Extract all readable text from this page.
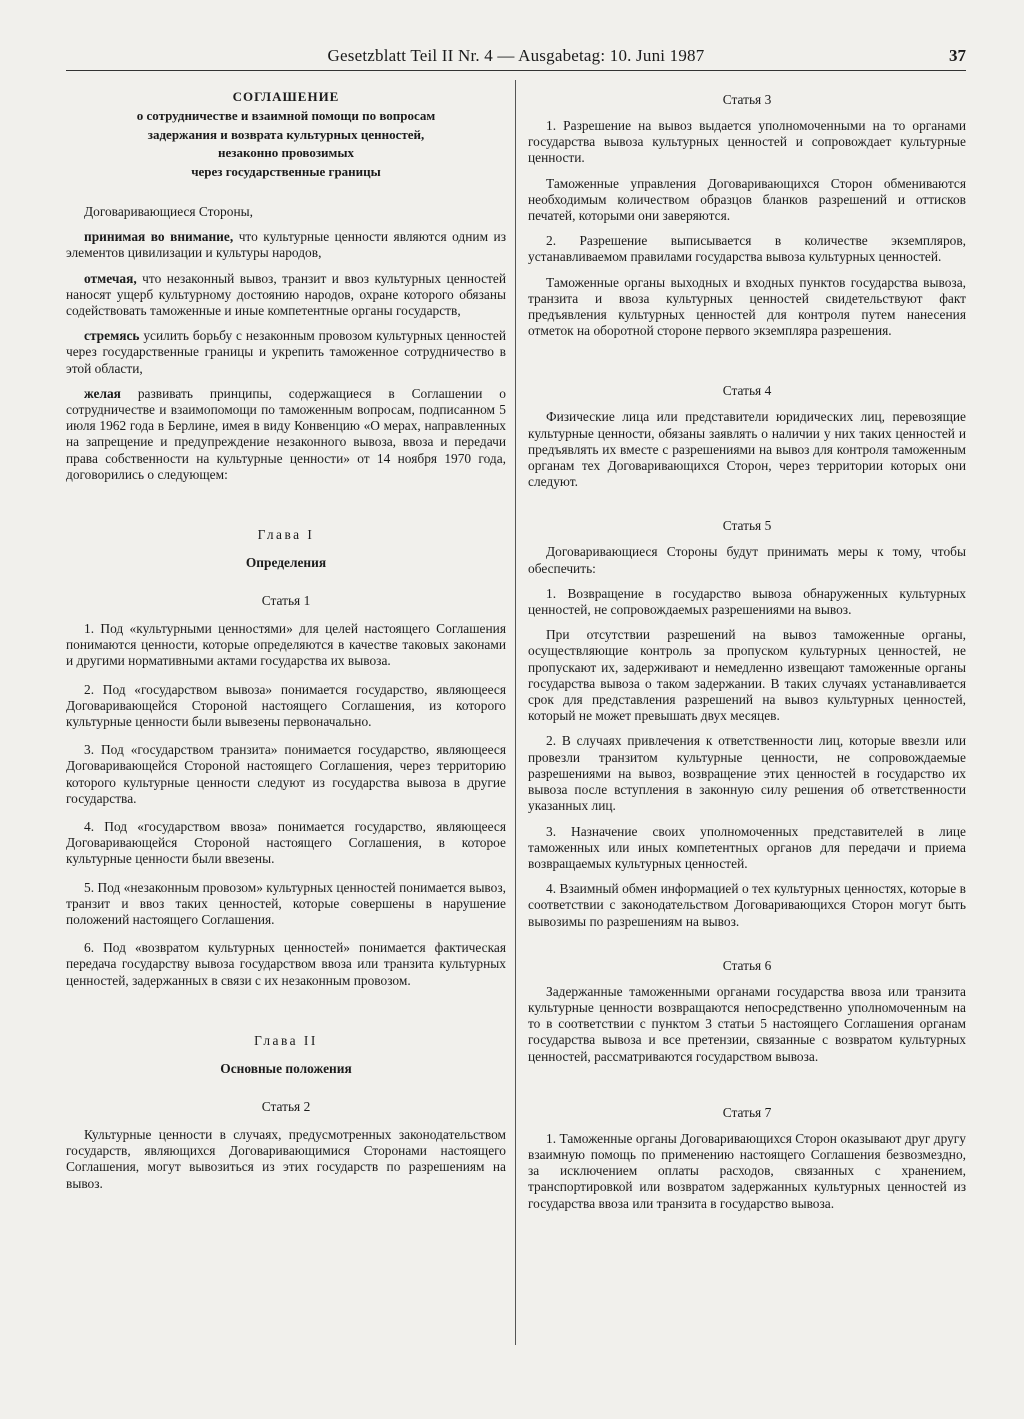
Gesetzblatt Teil II Nr. 4 — Ausgabetag: 10. Juni 1987	37
СОГЛАШЕНИЕ
о сотрудничестве и взаимной помощи по вопросам
задержания и возврата культурных ценностей,
незаконно провозимых
через государственные границы

Договаривающиеся Стороны,

принимая во внимание, что культурные ценности являются одним из элементов цивилизации и культуры народов,

отмечая, что незаконный вывоз, транзит и ввоз культурных ценностей наносят ущерб культурному достоянию народов, охране которого обязаны содействовать таможенные и иные компетентные органы государств,

стремясь усилить борьбу с незаконным провозом культурных ценностей через государственные границы и укрепить таможенное сотрудничество в этой области,

желая развивать принципы, содержащиеся в Соглашении о сотрудничестве и взаимопомощи по таможенным вопросам, подписанном 5 июля 1962 года в Берлине, имея в виду Конвенцию «О мерах, направленных на запрещение и предупреждение незаконного вывоза, ввоза и передачи права собственности на культурные ценности» от 14 ноября 1970 года, договорились о следующем:

Глава I
Определения
Статья 1

1. Под «культурными ценностями» для целей настоящего Соглашения понимаются ценности, которые определяются в качестве таковых законами и другими нормативными актами государства их вывоза.

2. Под «государством вывоза» понимается государство, являющееся Договаривающейся Стороной настоящего Соглашения, из которого культурные ценности были вывезены первоначально.

3. Под «государством транзита» понимается государство, являющееся Договаривающейся Стороной настоящего Соглашения, через территорию которого культурные ценности следуют из государства вывоза в другие государства.

4. Под «государством ввоза» понимается государство, являющееся Договаривающейся Стороной настоящего Соглашения, в которое культурные ценности были ввезены.

5. Под «незаконным провозом» культурных ценностей понимается вывоз, транзит и ввоз таких ценностей, которые совершены в нарушение положений настоящего Соглашения.

6. Под «возвратом культурных ценностей» понимается фактическая передача государству вывоза государством ввоза или транзита культурных ценностей, задержанных в связи с их незаконным провозом.

Глава II
Основные положения
Статья 2

Культурные ценности в случаях, предусмотренных законодательством государств, являющихся Договаривающимися Сторонами настоящего Соглашения, могут вывозиться из этих государств по разрешениям на вывоз.

Статья 3

1. Разрешение на вывоз выдается уполномоченными на то органами государства вывоза культурных ценностей и сопровождает культурные ценности.

Таможенные управления Договаривающихся Сторон обмениваются необходимым количеством образцов бланков разрешений и оттисков печатей, которыми они заверяются.

2. Разрешение выписывается в количестве экземпляров, устанавливаемом правилами государства вывоза культурных ценностей.

Таможенные органы выходных и входных пунктов государства вывоза, транзита и ввоза культурных ценностей свидетельствуют факт предъявления культурных ценностей для контроля путем нанесения отметок на оборотной стороне первого экземпляра разрешения.

Статья 4

Физические лица или представители юридических лиц, перевозящие культурные ценности, обязаны заявлять о наличии у них таких ценностей и предъявлять их вместе с разрешениями на вывоз для контроля таможенным органам тех Договаривающихся Сторон, через территории которых они следуют.

Статья 5

Договаривающиеся Стороны будут принимать меры к тому, чтобы обеспечить:

1. Возвращение в государство вывоза обнаруженных культурных ценностей, не сопровождаемых разрешениями на вывоз.

При отсутствии разрешений на вывоз таможенные органы, осуществляющие контроль за пропуском культурных ценностей, не пропускают их, задерживают и немедленно извещают таможенные органы государства вывоза о таком задержании. В таких случаях устанавливается срок для представления разрешений на вывоз культурных ценностей, который не может превышать двух месяцев.

2. В случаях привлечения к ответственности лиц, которые ввезли или провезли транзитом культурные ценности, не сопровождаемые разрешениями на вывоз, возвращение этих ценностей в государство их вывоза после вступления в законную силу решения об ответственности указанных лиц.

3. Назначение своих уполномоченных представителей в лице таможенных или иных компетентных органов для передачи и приема возвращаемых культурных ценностей.

4. Взаимный обмен информацией о тех культурных ценностях, которые в соответствии с законодательством Договаривающихся Сторон могут быть вывозимы по разрешениям на вывоз.

Статья 6

Задержанные таможенными органами государства ввоза или транзита культурные ценности возвращаются непосредственно уполномоченным на то в соответствии с пунктом 3 статьи 5 настоящего Соглашения органам государства вывоза и все претензии, связанные с возвратом культурных ценностей, рассматриваются государством вывоза.

Статья 7

1. Таможенные органы Договаривающихся Сторон оказывают друг другу взаимную помощь по применению настоящего Соглашения безвозмездно, за исключением оплаты расходов, связанных с хранением, транспортировкой или возвратом задержанных культурных ценностей из государства ввоза или транзита в государство вывоза.
